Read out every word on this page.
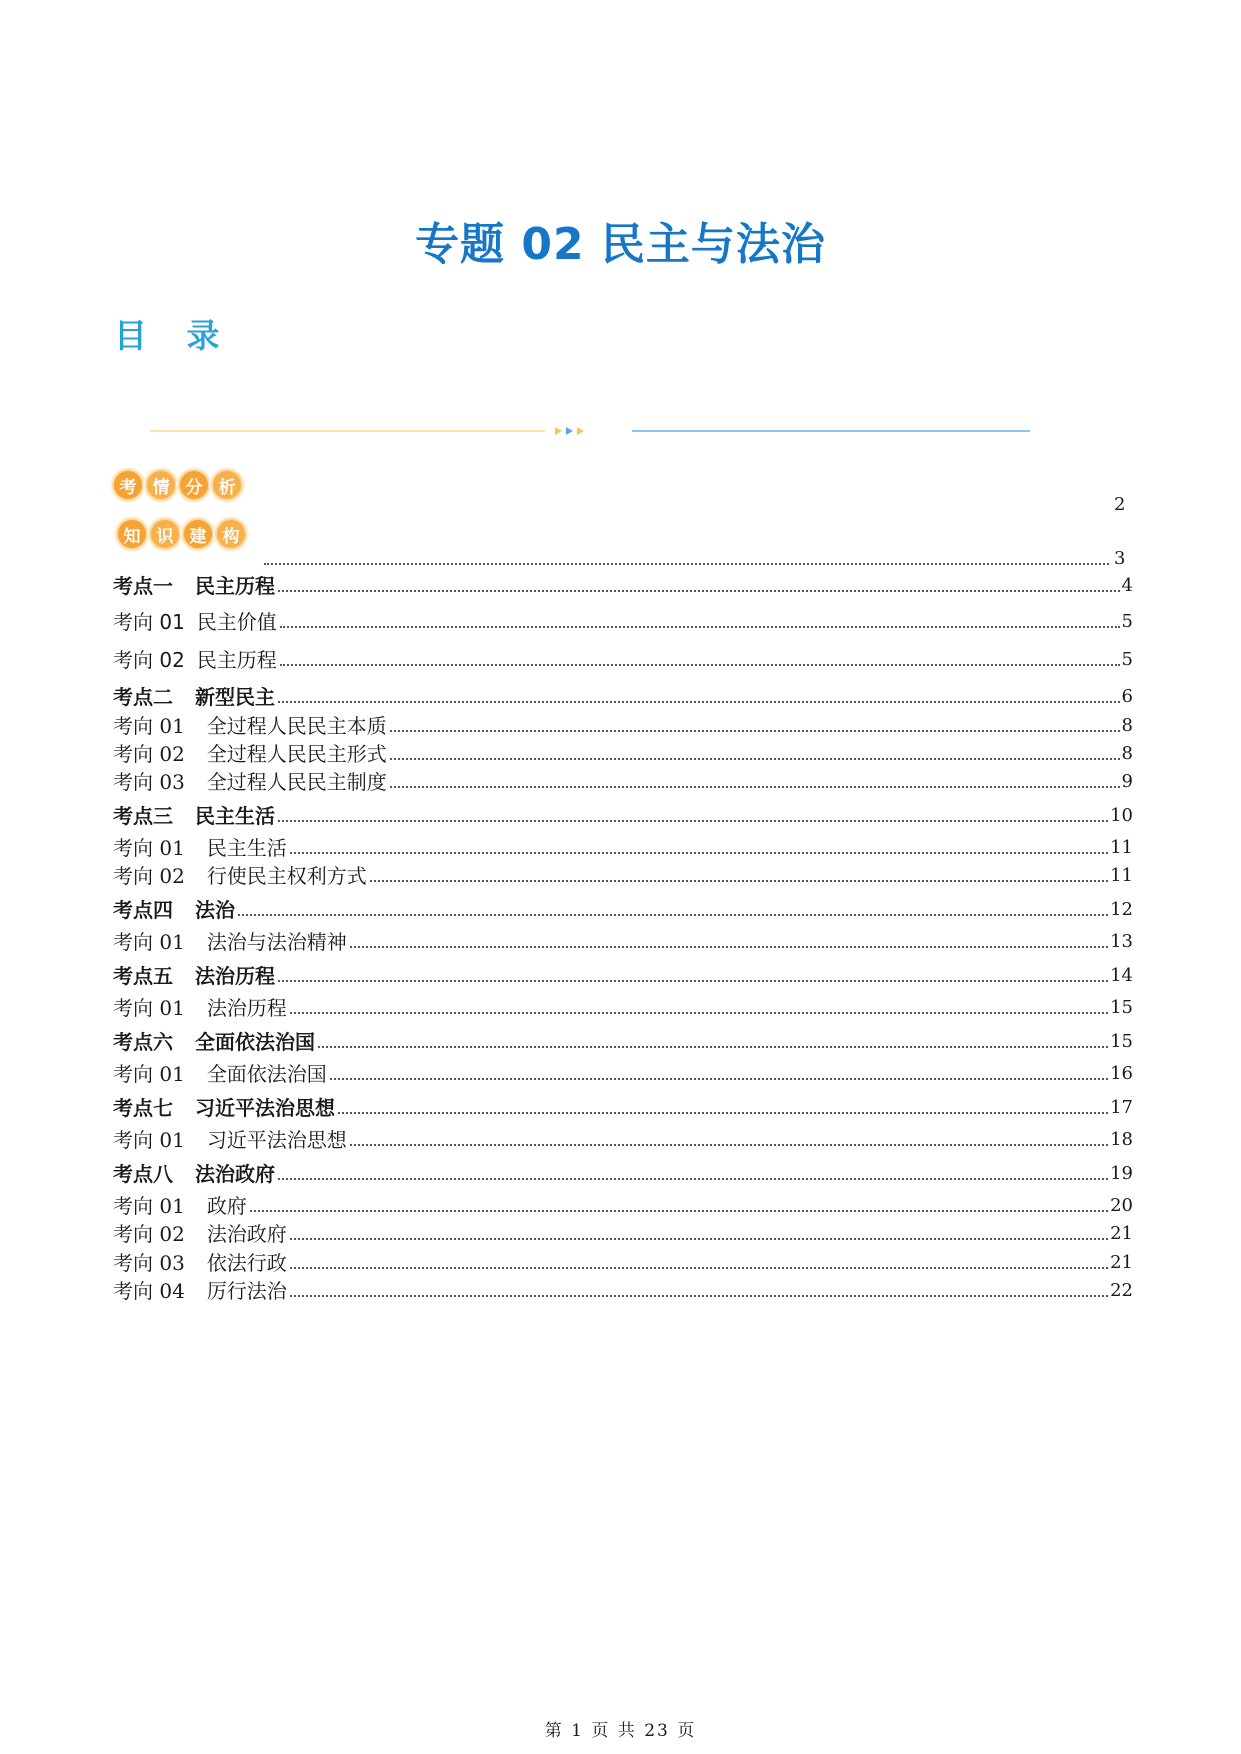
专题 02 民主与法治
目 录
考 情 分 析
2
知 识 建 构
3
考点一 民主历程	4
考向 01 民主价值	5
考向 02 民主历程	5
考点二 新型民主	6
考向 01 全过程人民民主本质	8
考向 02 全过程人民民主形式	8
考向 03 全过程人民民主制度	9
考点三 民主生活	10
考向 01 民主生活	11
考向 02 行使民主权利方式	11
考点四 法治	12
考向 01 法治与法治精神	13
考点五 法治历程	14
考向 01 法治历程	15
考点六 全面依法治国	15
考向 01 全面依法治国	16
考点七 习近平法治思想	17
考向 01 习近平法治思想	18
考点八 法治政府	19
考向 01 政府	20
考向 02 法治政府	21
考向 03 依法行政	21
考向 04 厉行法治	22
第 1 页 共 23 页
